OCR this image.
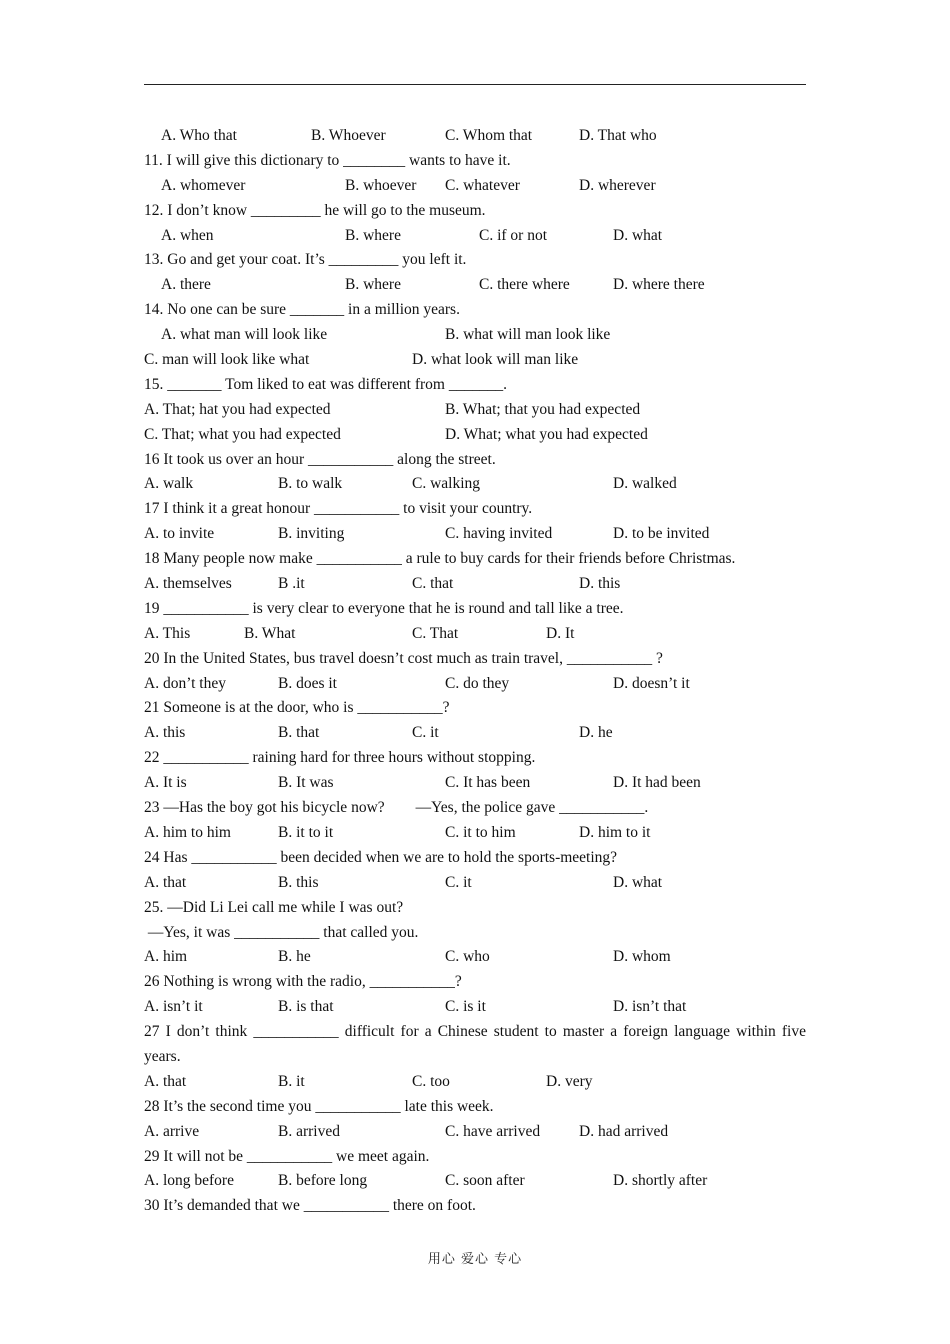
A. Who that	B. Whoever	C. Whom that	D. That who
11. I will give this dictionary to ________ wants to have it.
A. whomever	B. whoever C. whatever	D. wherever
12. I don’t know _________ he will go to the museum.
A. when	B. where	C. if or not	D. what
13. Go and get your coat. It’s _________ you left it.
A. there	B. where	C. there where	D. where there
14. No one can be sure _______ in a million years.
A. what man will look like	B. what will man look like
C. man will look like what	D. what look will man like
15. _______ Tom liked to eat was different from _______.
A. That; hat you had expected	B. What; that you had expected
C. That; what you had expected	D. What; what you had expected
16 It took us over an hour ___________ along the street.
A. walk	B. to walk	C. walking	D. walked
17 I think it a great honour ___________ to visit your country.
A. to invite	B. inviting	C. having invited	D. to be invited
18 Many people now make ___________ a rule to buy cards for their friends before Christmas.
A. themselves	B .it	C. that	D. this
19 ___________ is very clear to everyone that he is round and tall like a tree.
A. This	B. What	C. That	D. It
20 In the United States, bus travel doesn’t cost much as train travel, ___________ ?
A. don’t they	B. does it	C. do they	D. doesn’t it
21 Someone is at the door, who is ___________?
A. this	B. that	C. it	D. he
22 ___________ raining hard for three hours without stopping.
A. It is	B. It was	C. It has been	D. It had been
23 —Has the boy got his bicycle now?        —Yes, the police gave ___________.
A. him to him	B. it to it	C. it to him	D. him to it
24 Has ___________ been decided when we are to hold the sports-meeting?
A. that	B. this	C. it	D. what
25. —Did Li Lei call me while I was out?
—Yes, it was ___________ that called you.
A. him	B. he	C. who	D. whom
26 Nothing is wrong with the radio, ___________?
A. isn’t it	B. is that	C. is it	D. isn’t that
27 I don’t think ___________ difficult for a Chinese student to master a foreign language within five years.
A. that	B. it	C. too	D. very
28 It’s the second time you ___________ late this week.
A. arrive	B. arrived	C. have arrived	D. had arrived
29 It will not be ___________ we meet again.
A. long before	B. before long	C. soon after	D. shortly after
30 It’s demanded that we ___________ there on foot.
用心 爱心 专心
